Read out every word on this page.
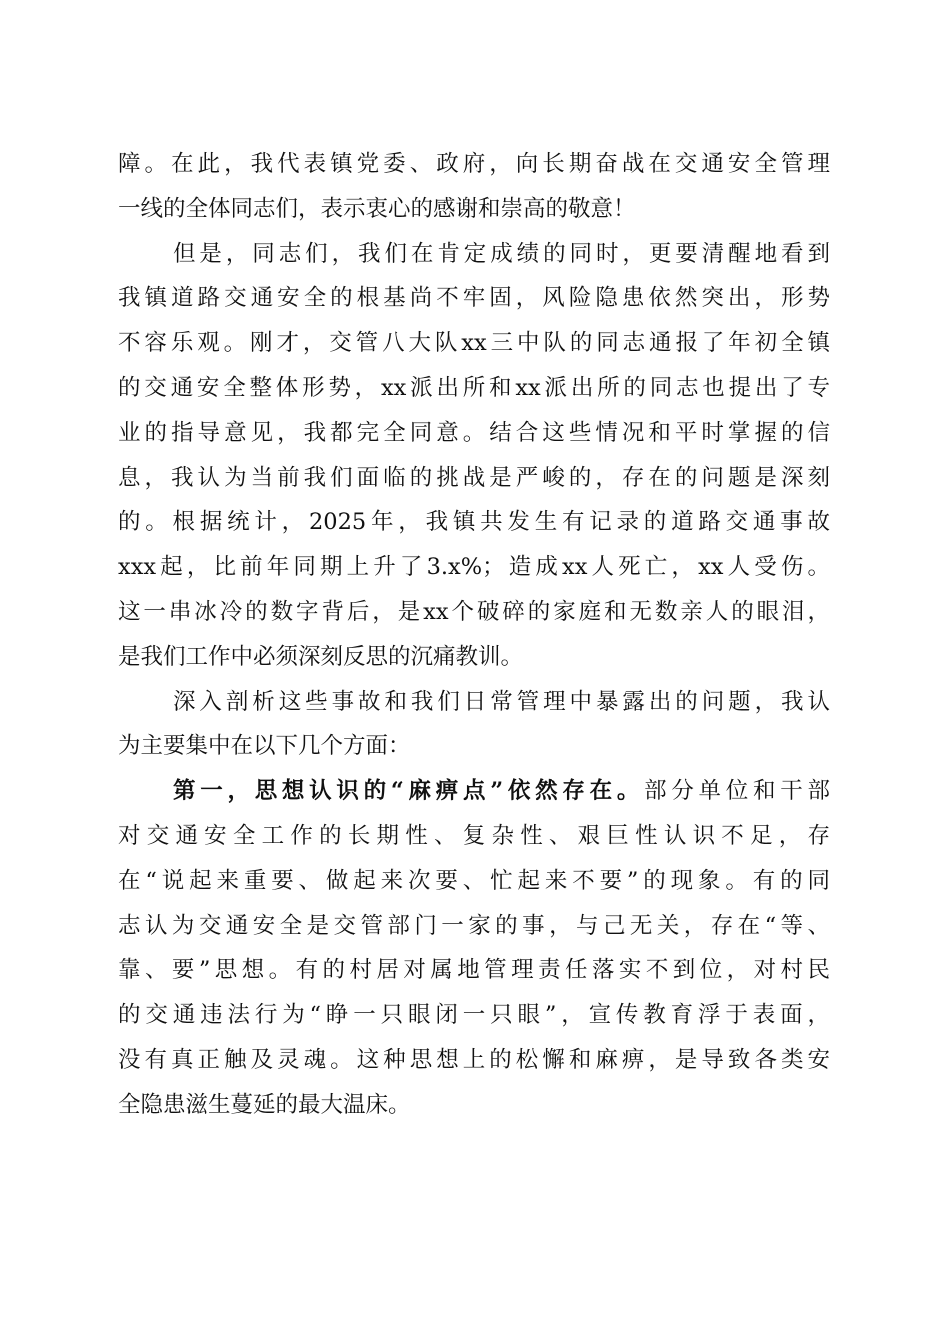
障。在此，我代表镇党委、政府，向长期奋战在交通安全管理
一线的全体同志们，表示衷心的感谢和崇高的敬意！
但是，同志们，我们在肯定成绩的同时，更要清醒地看到
我镇道路交通安全的根基尚不牢固，风险隐患依然突出，形势
不容乐观。刚才，交管八大队xx三中队的同志通报了年初全镇
的交通安全整体形势，xx派出所和xx派出所的同志也提出了专
业的指导意见，我都完全同意。结合这些情况和平时掌握的信
息，我认为当前我们面临的挑战是严峻的，存在的问题是深刻
的。根据统计，2025年，我镇共发生有记录的道路交通事故
xxx起，比前年同期上升了3.x%；造成xx人死亡，xx人受伤。
这一串冰冷的数字背后，是xx个破碎的家庭和无数亲人的眼泪，
是我们工作中必须深刻反思的沉痛教训。
深入剖析这些事故和我们日常管理中暴露出的问题，我认
为主要集中在以下几个方面：
第一，思想认识的“麻痹点”依然存在。部分单位和干部
对交通安全工作的长期性、复杂性、艰巨性认识不足，存
在“说起来重要、做起来次要、忙起来不要”的现象。有的同
志认为交通安全是交管部门一家的事，与己无关，存在“等、
靠、要”思想。有的村居对属地管理责任落实不到位，对村民
的交通违法行为“睁一只眼闭一只眼”，宣传教育浮于表面，
没有真正触及灵魂。这种思想上的松懈和麻痹，是导致各类安
全隐患滋生蔓延的最大温床。
